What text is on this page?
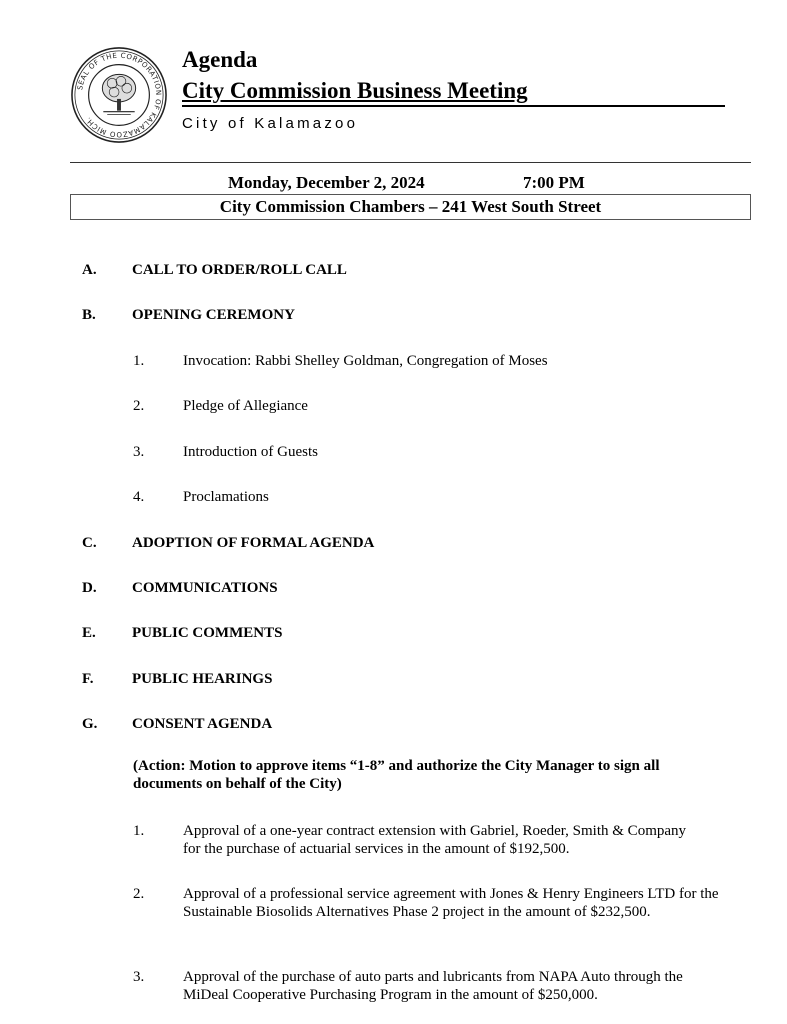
SEAL OF THE CORPORATION OF KALAMAZOO MICH.
Agenda
City Commission Business Meeting
City of Kalamazoo
Monday, December 2, 2024	7:00 PM
City Commission Chambers – 241 West South Street
A. CALL TO ORDER/ROLL CALL
B. OPENING CEREMONY
1.	Invocation: Rabbi Shelley Goldman, Congregation of Moses
2.	Pledge of Allegiance
3.	Introduction of Guests
4.	Proclamations
C. ADOPTION OF FORMAL AGENDA
D. COMMUNICATIONS
E. PUBLIC COMMENTS
F.	PUBLIC HEARINGS
G. CONSENT AGENDA
(Action: Motion to approve items “1-8” and authorize the City Manager to sign all documents on behalf of the City)
1.	Approval of a one-year contract extension with Gabriel, Roeder, Smith & Company for the purchase of actuarial services in the amount of $192,500.
2.	Approval of a professional service agreement with Jones & Henry Engineers LTD for the Sustainable Biosolids Alternatives Phase 2 project in the amount of $232,500.
3.	Approval of the purchase of auto parts and lubricants from NAPA Auto through the MiDeal Cooperative Purchasing Program in the amount of $250,000.
